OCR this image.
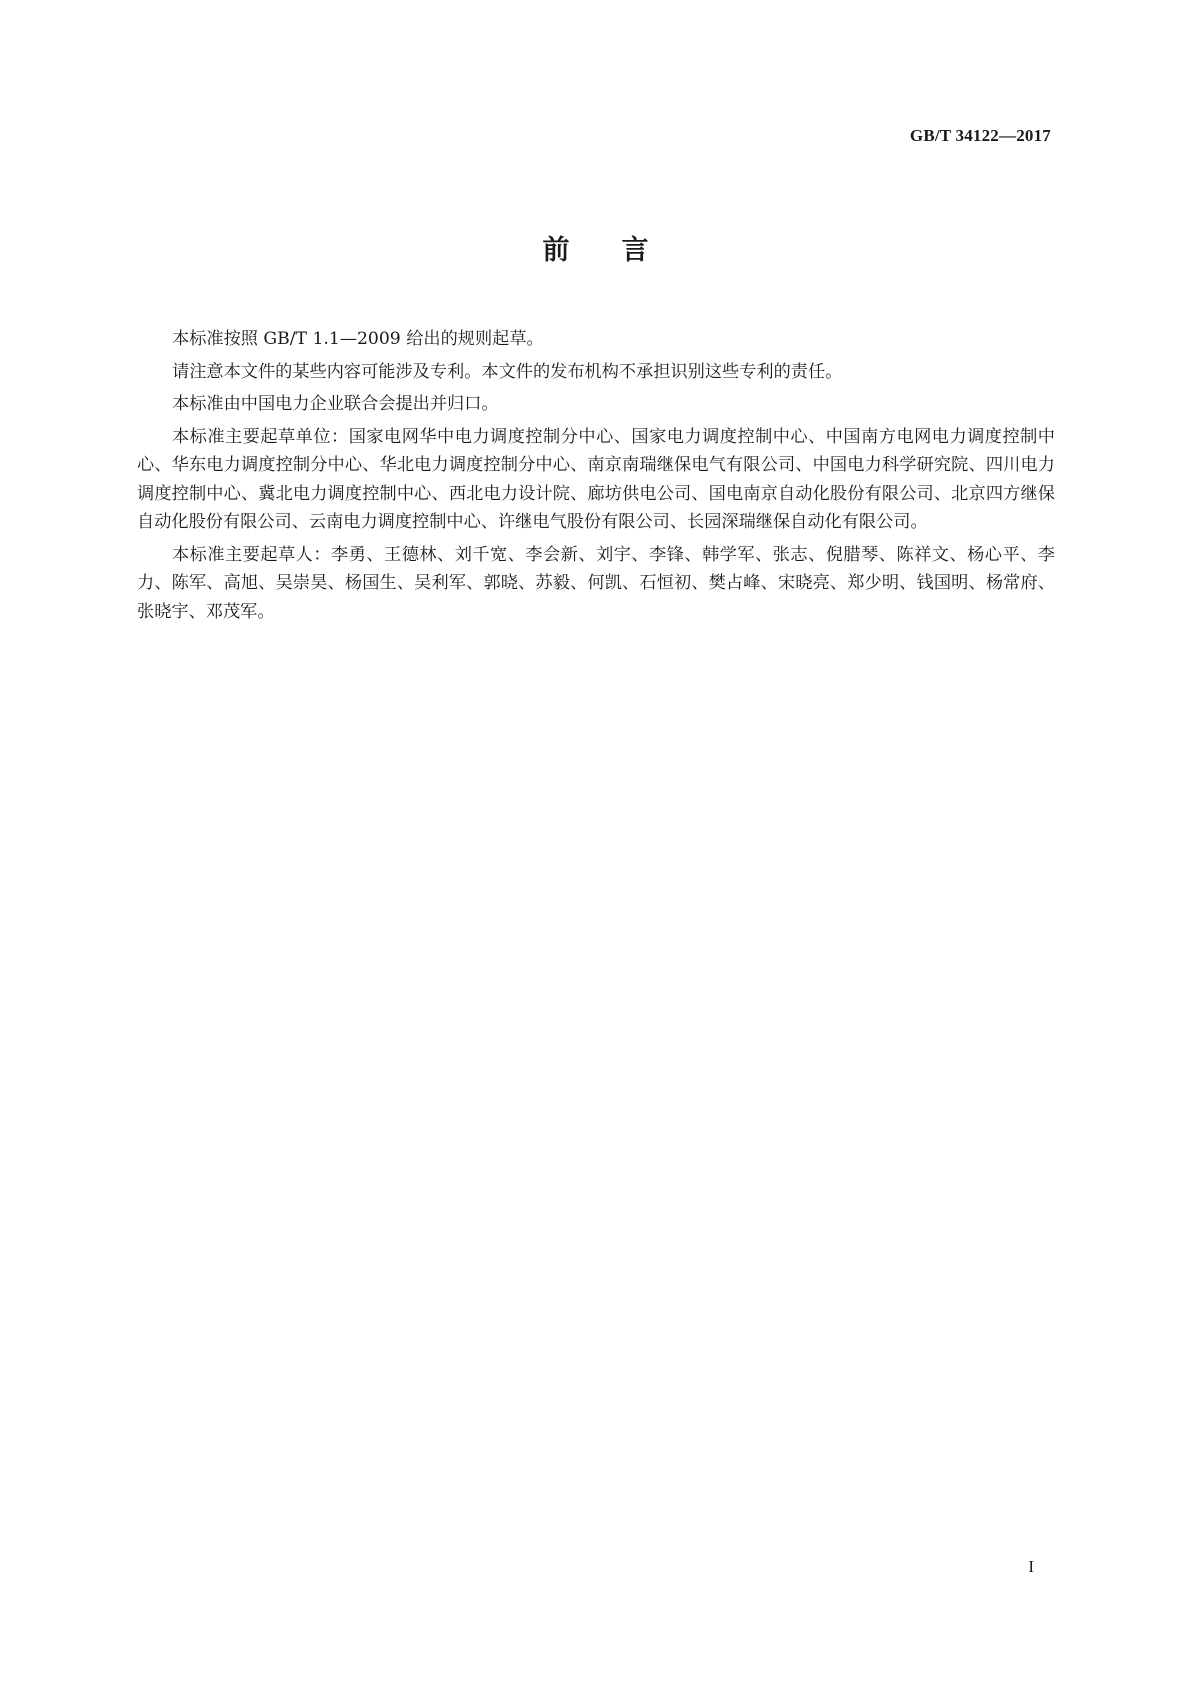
GB/T 34122—2017
前言

本标准按照 GB/T 1.1—2009 给出的规则起草。

请注意本文件的某些内容可能涉及专利。本文件的发布机构不承担识别这些专利的责任。

本标准由中国电力企业联合会提出并归口。

本标准主要起草单位：国家电网华中电力调度控制分中心、国家电力调度控制中心、中国南方电网电力调度控制中心、华东电力调度控制分中心、华北电力调度控制分中心、南京南瑞继保电气有限公司、中国电力科学研究院、四川电力调度控制中心、冀北电力调度控制中心、西北电力设计院、廊坊供电公司、国电南京自动化股份有限公司、北京四方继保自动化股份有限公司、云南电力调度控制中心、许继电气股份有限公司、长园深瑞继保自动化有限公司。

本标准主要起草人：李勇、王德林、刘千宽、李会新、刘宇、李锋、韩学军、张志、倪腊琴、陈祥文、杨心平、李力、陈军、高旭、吴崇昊、杨国生、吴利军、郭晓、苏毅、何凯、石恒初、樊占峰、宋晓亮、郑少明、钱国明、杨常府、张晓宇、邓茂军。

I
